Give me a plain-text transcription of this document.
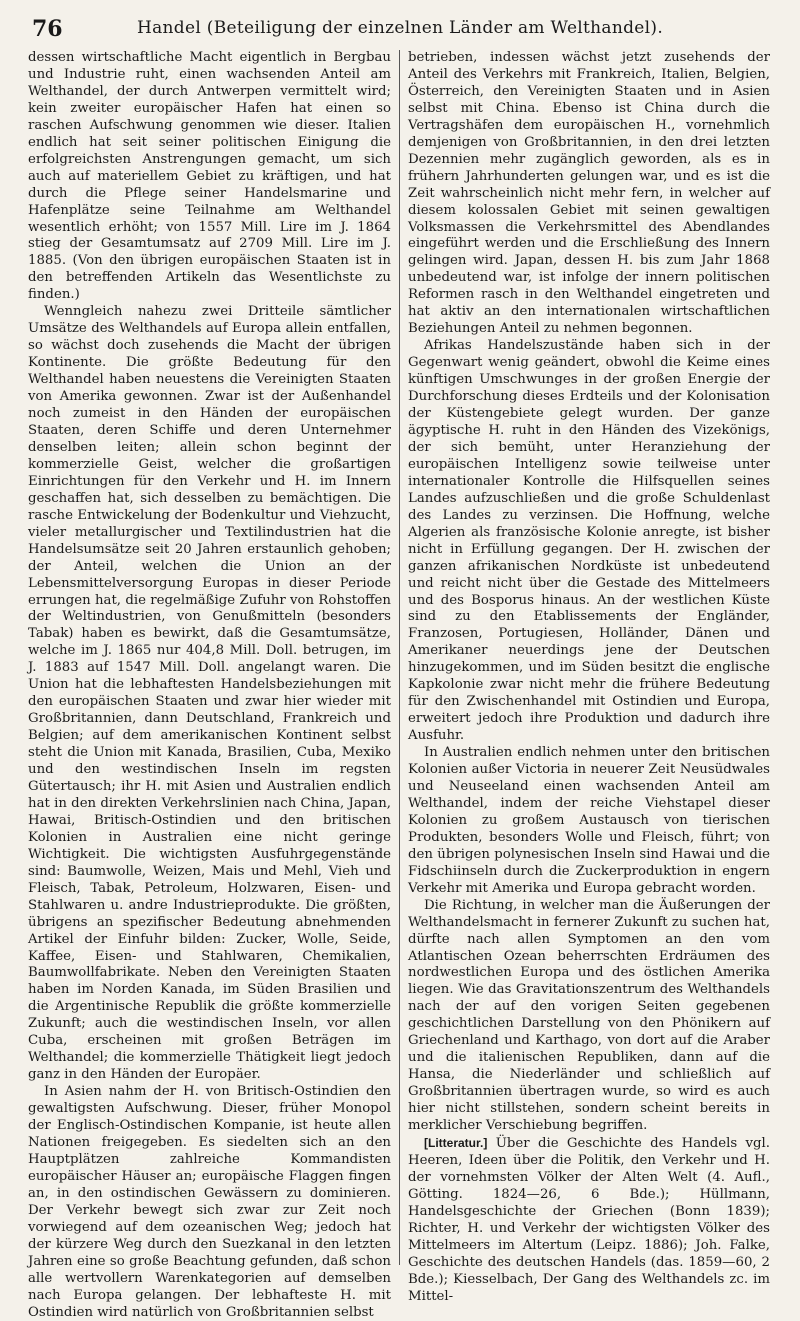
76	Handel (Beteiligung der einzelnen Länder am Welthandel).

dessen wirtschaftliche Macht eigentlich in Bergbau und Industrie ruht, einen wachsenden Anteil am Welthandel, der durch Antwerpen vermittelt wird; kein zweiter europäischer Hafen hat einen so raschen Aufschwung genommen wie dieser. Italien endlich hat seit seiner politischen Einigung die erfolgreichsten Anstrengungen gemacht, um sich auch auf materiellem Gebiet zu kräftigen, und hat durch die Pflege seiner Handelsmarine und Hafenplätze seine Teilnahme am Welthandel wesentlich erhöht; von 1557 Mill. Lire im J. 1864 stieg der Gesamtumsatz auf 2709 Mill. Lire im J. 1885. (Von den übrigen europäischen Staaten ist in den betreffenden Artikeln das Wesentlichste zu finden.)

Wenngleich nahezu zwei Dritteile sämtlicher Umsätze des Welthandels auf Europa allein entfallen, so wächst doch zusehends die Macht der übrigen Kontinente. Die größte Bedeutung für den Welthandel haben neuestens die Vereinigten Staaten von Amerika gewonnen. Zwar ist der Außenhandel noch zumeist in den Händen der europäischen Staaten, deren Schiffe und deren Unternehmer denselben leiten; allein schon beginnt der kommerzielle Geist, welcher die großartigen Einrichtungen für den Verkehr und H. im Innern geschaffen hat, sich desselben zu bemächtigen. Die rasche Entwickelung der Bodenkultur und Viehzucht, vieler metallurgischer und Textilindustrien hat die Handelsumsätze seit 20 Jahren erstaunlich gehoben; der Anteil, welchen die Union an der Lebensmittelversorgung Europas in dieser Periode errungen hat, die regelmäßige Zufuhr von Rohstoffen der Weltindustrien, von Genußmitteln (besonders Tabak) haben es bewirkt, daß die Gesamtumsätze, welche im J. 1865 nur 404,8 Mill. Doll. betrugen, im J. 1883 auf 1547 Mill. Doll. angelangt waren. Die Union hat die lebhaftesten Handelsbeziehungen mit den europäischen Staaten und zwar hier wieder mit Großbritannien, dann Deutschland, Frankreich und Belgien; auf dem amerikanischen Kontinent selbst steht die Union mit Kanada, Brasilien, Cuba, Mexiko und den westindischen Inseln im regsten Gütertausch; ihr H. mit Asien und Australien endlich hat in den direkten Verkehrslinien nach China, Japan, Hawai, Britisch-Ostindien und den britischen Kolonien in Australien eine nicht geringe Wichtigkeit. Die wichtigsten Ausfuhrgegenstände sind: Baumwolle, Weizen, Mais und Mehl, Vieh und Fleisch, Tabak, Petroleum, Holzwaren, Eisen- und Stahlwaren u. andre Industrieprodukte. Die größten, übrigens an spezifischer Bedeutung abnehmenden Artikel der Einfuhr bilden: Zucker, Wolle, Seide, Kaffee, Eisen- und Stahlwaren, Chemikalien, Baumwollfabrikate. Neben den Vereinigten Staaten haben im Norden Kanada, im Süden Brasilien und die Argentinische Republik die größte kommerzielle Zukunft; auch die westindischen Inseln, vor allen Cuba, erscheinen mit großen Beträgen im Welthandel; die kommerzielle Thätigkeit liegt jedoch ganz in den Händen der Europäer.

In Asien nahm der H. von Britisch-Ostindien den gewaltigsten Aufschwung. Dieser, früher Monopol der Englisch-Ostindischen Kompanie, ist heute allen Nationen freigegeben. Es siedelten sich an den Hauptplätzen zahlreiche Kommandisten europäischer Häuser an; europäische Flaggen fingen an, in den ostindischen Gewässern zu dominieren. Der Verkehr bewegt sich zwar zur Zeit noch vorwiegend auf dem ozeanischen Weg; jedoch hat der kürzere Weg durch den Suezkanal in den letzten Jahren eine so große Beachtung gefunden, daß schon alle wertvollern Warenkategorien auf demselben nach Europa gelangen. Der lebhafteste H. mit Ostindien wird natürlich von Großbritannien selbst

betrieben, indessen wächst jetzt zusehends der Anteil des Verkehrs mit Frankreich, Italien, Belgien, Österreich, den Vereinigten Staaten und in Asien selbst mit China. Ebenso ist China durch die Vertragshäfen dem europäischen H., vornehmlich demjenigen von Großbritannien, in den drei letzten Dezennien mehr zugänglich geworden, als es in frühern Jahrhunderten gelungen war, und es ist die Zeit wahrscheinlich nicht mehr fern, in welcher auf diesem kolossalen Gebiet mit seinen gewaltigen Volksmassen die Verkehrsmittel des Abendlandes eingeführt werden und die Erschließung des Innern gelingen wird. Japan, dessen H. bis zum Jahr 1868 unbedeutend war, ist infolge der innern politischen Reformen rasch in den Welthandel eingetreten und hat aktiv an den internationalen wirtschaftlichen Beziehungen Anteil zu nehmen begonnen.

Afrikas Handelszustände haben sich in der Gegenwart wenig geändert, obwohl die Keime eines künftigen Umschwunges in der großen Energie der Durchforschung dieses Erdteils und der Kolonisation der Küstengebiete gelegt wurden. Der ganze ägyptische H. ruht in den Händen des Vizekönigs, der sich bemüht, unter Heranziehung der europäischen Intelligenz sowie teilweise unter internationaler Kontrolle die Hilfsquellen seines Landes aufzuschließen und die große Schuldenlast des Landes zu verzinsen. Die Hoffnung, welche Algerien als französische Kolonie anregte, ist bisher nicht in Erfüllung gegangen. Der H. zwischen der ganzen afrikanischen Nordküste ist unbedeutend und reicht nicht über die Gestade des Mittelmeers und des Bosporus hinaus. An der westlichen Küste sind zu den Etablissements der Engländer, Franzosen, Portugiesen, Holländer, Dänen und Amerikaner neuerdings jene der Deutschen hinzugekommen, und im Süden besitzt die englische Kapkolonie zwar nicht mehr die frühere Bedeutung für den Zwischenhandel mit Ostindien und Europa, erweitert jedoch ihre Produktion und dadurch ihre Ausfuhr.

In Australien endlich nehmen unter den britischen Kolonien außer Victoria in neuerer Zeit Neusüdwales und Neuseeland einen wachsenden Anteil am Welthandel, indem der reiche Viehstapel dieser Kolonien zu großem Austausch von tierischen Produkten, besonders Wolle und Fleisch, führt; von den übrigen polynesischen Inseln sind Hawai und die Fidschiinseln durch die Zuckerproduktion in engern Verkehr mit Amerika und Europa gebracht worden.

Die Richtung, in welcher man die Äußerungen der Welthandelsmacht in fernerer Zukunft zu suchen hat, dürfte nach allen Symptomen an den vom Atlantischen Ozean beherrschten Erdräumen des nordwestlichen Europa und des östlichen Amerika liegen. Wie das Gravitationszentrum des Welthandels nach der auf den vorigen Seiten gegebenen geschichtlichen Darstellung von den Phönikern auf Griechenland und Karthago, von dort auf die Araber und die italienischen Republiken, dann auf die Hansa, die Niederländer und schließlich auf Großbritannien übertragen wurde, so wird es auch hier nicht stillstehen, sondern scheint bereits in merklicher Verschiebung begriffen.

[Litteratur.] Über die Geschichte des Handels vgl. Heeren, Ideen über die Politik, den Verkehr und H. der vornehmsten Völker der Alten Welt (4. Aufl., Götting. 1824—26, 6 Bde.); Hüllmann, Handelsgeschichte der Griechen (Bonn 1839); Richter, H. und Verkehr der wichtigsten Völker des Mittelmeers im Altertum (Leipz. 1886); Joh. Falke, Geschichte des deutschen Handels (das. 1859—60, 2 Bde.); Kiesselbach, Der Gang des Welthandels zc. im Mittel-
